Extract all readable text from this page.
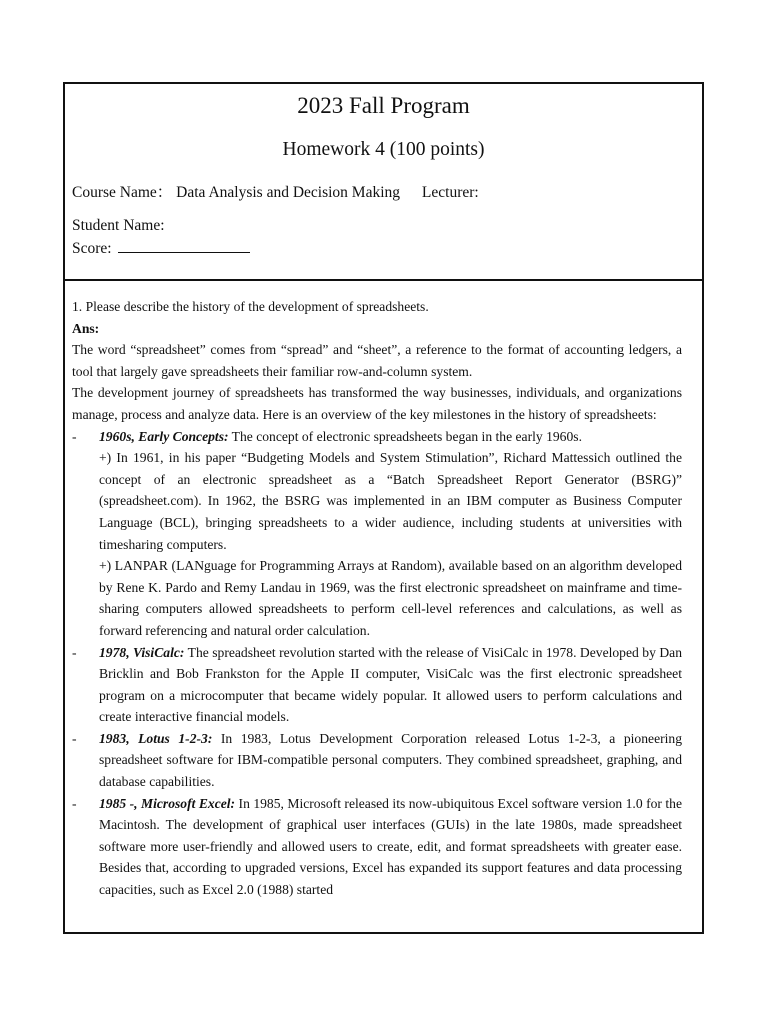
2023 Fall Program
Homework 4 (100 points)
Course Name： Data Analysis and Decision Making Lecturer:
Student Name:
Score:

1. Please describe the history of the development of spreadsheets.

Ans:

The word “spreadsheet” comes from “spread” and “sheet”, a reference to the format of accounting ledgers, a tool that largely gave spreadsheets their familiar row-and-column system.

The development journey of spreadsheets has transformed the way businesses, individuals, and organizations manage, process and analyze data. Here is an overview of the key milestones in the history of spreadsheets:

- 1960s, Early Concepts: The concept of electronic spreadsheets began in the early 1960s.

+) In 1961, in his paper “Budgeting Models and System Stimulation”, Richard Mattessich outlined the concept of an electronic spreadsheet as a “Batch Spreadsheet Report Generator (BSRG)” (spreadsheet.com). In 1962, the BSRG was implemented in an IBM computer as Business Computer Language (BCL), bringing spreadsheets to a wider audience, including students at universities with timesharing computers.

+) LANPAR (LANguage for Programming Arrays at Random), available based on an algorithm developed by Rene K. Pardo and Remy Landau in 1969, was the first electronic spreadsheet on mainframe and time-sharing computers allowed spreadsheets to perform cell-level references and calculations, as well as forward referencing and natural order calculation.

- 1978, VisiCalc: The spreadsheet revolution started with the release of VisiCalc in 1978. Developed by Dan Bricklin and Bob Frankston for the Apple II computer, VisiCalc was the first electronic spreadsheet program on a microcomputer that became widely popular. It allowed users to perform calculations and create interactive financial models.
- 1983, Lotus 1-2-3: In 1983, Lotus Development Corporation released Lotus 1-2-3, a pioneering spreadsheet software for IBM-compatible personal computers. They combined spreadsheet, graphing, and database capabilities.
- 1985 -, Microsoft Excel: In 1985, Microsoft released its now-ubiquitous Excel software version 1.0 for the Macintosh. The development of graphical user interfaces (GUIs) in the late 1980s, made spreadsheet software more user-friendly and allowed users to create, edit, and format spreadsheets with greater ease. Besides that, according to upgraded versions, Excel has expanded its support features and data processing capacities, such as Excel 2.0 (1988) started
